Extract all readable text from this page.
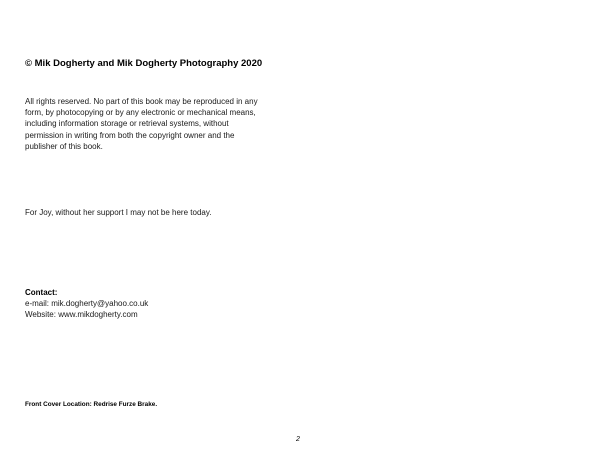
© Mik Dogherty and Mik Dogherty Photography 2020
All rights reserved. No part of this book may be reproduced in any
form, by photocopying or by any electronic or mechanical means,
including information storage or retrieval systems, without
permission in writing from both the copyright owner and the
publisher of this book.
For Joy, without her support I may not be here today.
Contact:
e-mail: mik.dogherty@yahoo.co.uk
Website: www.mikdogherty.com
Front Cover Location: Redrise Furze Brake.
2
